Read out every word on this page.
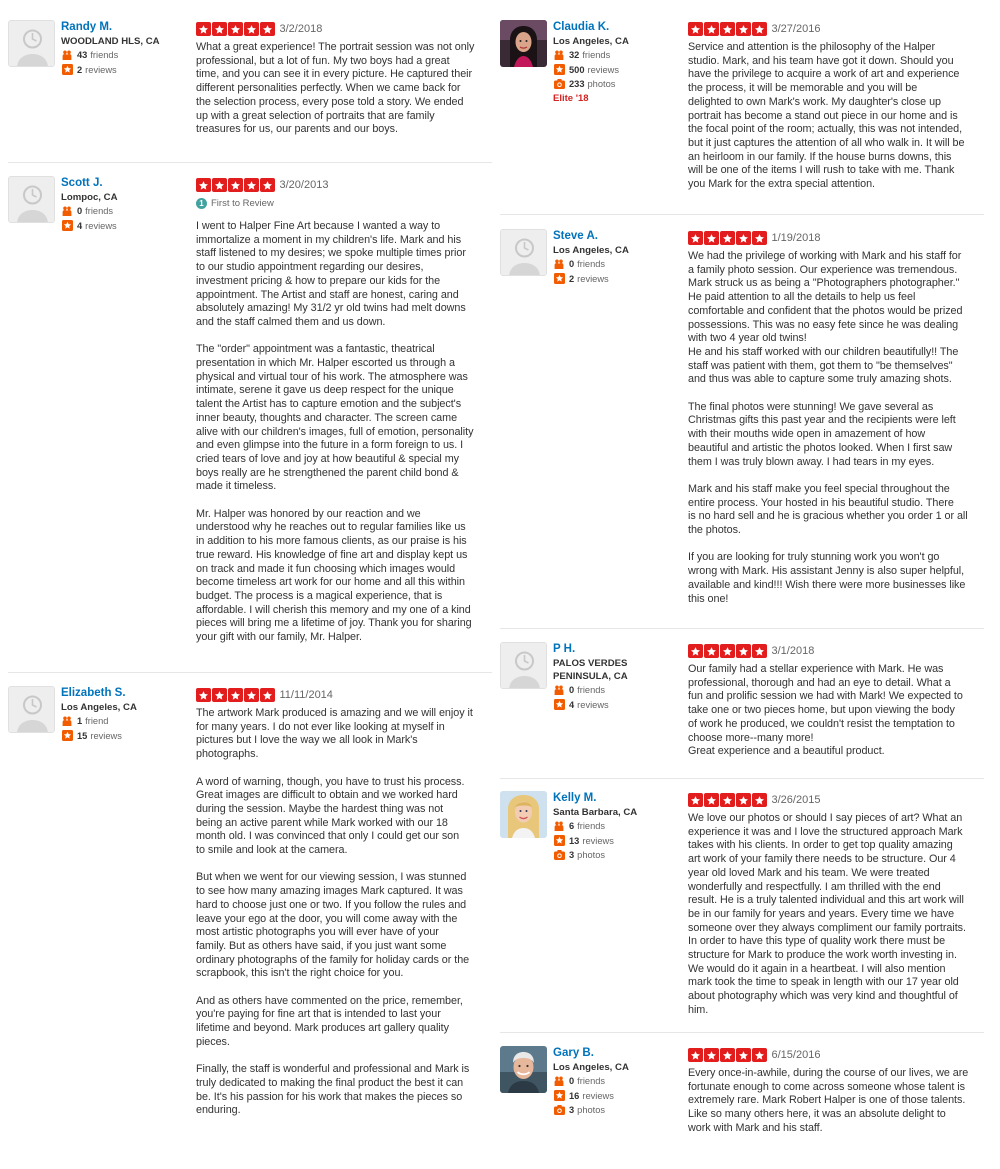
Randy M.
WOODLAND HLS, CA
43 friends
2 reviews
3/2/2018

What a great experience! The portrait session was not only
professional, but a lot of fun. My two boys had a great
time, and you can see it in every picture. He captured their
different personalities perfectly. When we came back for
the selection process, every pose told a story. We ended
up with a great selection of portraits that are family
treasures for us, our parents and our boys.

Scott J.
Lompoc, CA
0 friends
4 reviews
3/20/2013
1 First to Review

I went to Halper Fine Art because I wanted a way to
immortalize a moment in my children's life. Mark and his
staff listened to my desires; we spoke multiple times prior
to our studio appointment regarding our desires,
investment pricing & how to prepare our kids for the
appointment. The Artist and staff are honest, caring and
absolutely amazing! My 31/2 yr old twins had melt downs
and the staff calmed them and us down.

The "order" appointment was a fantastic, theatrical
presentation in which Mr. Halper escorted us through a
physical and virtual tour of his work. The atmosphere was
intimate, serene it gave us deep respect for the unique
talent the Artist has to capture emotion and the subject's
inner beauty, thoughts and character. The screen came
alive with our children's images, full of emotion, personality
and even glimpse into the future in a form foreign to us. I
cried tears of love and joy at how beautiful & special my
boys really are he strengthened the parent child bond &
made it timeless.

Mr. Halper was honored by our reaction and we
understood why he reaches out to regular families like us
in addition to his more famous clients, as our praise is his
true reward. His knowledge of fine art and display kept us
on track and made it fun choosing which images would
become timeless art work for our home and all this within
budget. The process is a magical experience, that is
affordable. I will cherish this memory and my one of a kind
pieces will bring me a lifetime of joy. Thank you for sharing
your gift with our family, Mr. Halper.

Elizabeth S.
Los Angeles, CA
1 friend
15 reviews
11/11/2014

The artwork Mark produced is amazing and we will enjoy it
for many years. I do not ever like looking at myself in
pictures but I love the way we all look in Mark's
photographs.

A word of warning, though, you have to trust his process.
Great images are difficult to obtain and we worked hard
during the session. Maybe the hardest thing was not
being an active parent while Mark worked with our 18
month old. I was convinced that only I could get our son
to smile and look at the camera.

But when we went for our viewing session, I was stunned
to see how many amazing images Mark captured. It was
hard to choose just one or two. If you follow the rules and
leave your ego at the door, you will come away with the
most artistic photographs you will ever have of your
family. But as others have said, if you just want some
ordinary photographs of the family for holiday cards or the
scrapbook, this isn't the right choice for you.

And as others have commented on the price, remember,
you're paying for fine art that is intended to last your
lifetime and beyond. Mark produces art gallery quality
pieces.

Finally, the staff is wonderful and professional and Mark is
truly dedicated to making the final product the best it can
be. It's his passion for his work that makes the pieces so
enduring.

Claudia K.
Los Angeles, CA
32 friends
500 reviews
233 photos
Elite '18
3/27/2016

Service and attention is the philosophy of the Halper
studio. Mark, and his team have got it down. Should you
have the privilege to acquire a work of art and experience
the process, it will be memorable and you will be
delighted to own Mark's work. My daughter's close up
portrait has become a stand out piece in our home and is
the focal point of the room; actually, this was not intended,
but it just captures the attention of all who walk in. It will be
an heirloom in our family. If the house burns downs, this
will be one of the items I will rush to take with me. Thank
you Mark for the extra special attention.

Steve A.
Los Angeles, CA
0 friends
2 reviews
1/19/2018

We had the privilege of working with Mark and his staff for
a family photo session. Our experience was tremendous.
Mark struck us as being a "Photographers photographer."
He paid attention to all the details to help us feel
comfortable and confident that the photos would be prized
possessions. This was no easy fete since he was dealing
with two 4 year old twins!
He and his staff worked with our children beautifully!! The
staff was patient with them, got them to "be themselves"
and thus was able to capture some truly amazing shots.

The final photos were stunning! We gave several as
Christmas gifts this past year and the recipients were left
with their mouths wide open in amazement of how
beautiful and artistic the photos looked. When I first saw
them I was truly blown away. I had tears in my eyes.

Mark and his staff make you feel special throughout the
entire process. Your hosted in his beautiful studio. There
is no hard sell and he is gracious whether you order 1 or all
the photos.

If you are looking for truly stunning work you won't go
wrong with Mark. His assistant Jenny is also super helpful,
available and kind!!! Wish there were more businesses like
this one!

P H.
PALOS VERDES PENINSULA, CA
0 friends
4 reviews
3/1/2018

Our family had a stellar experience with Mark. He was
professional, thorough and had an eye to detail. What a
fun and prolific session we had with Mark! We expected to
take one or two pieces home, but upon viewing the body
of work he produced, we couldn't resist the temptation to
choose more--many more!
Great experience and a beautiful product.

Kelly M.
Santa Barbara, CA
6 friends
13 reviews
3 photos
3/26/2015

We love our photos or should I say pieces of art? What an
experience it was and I love the structured approach Mark
takes with his clients. In order to get top quality amazing
art work of your family there needs to be structure. Our 4
year old loved Mark and his team. We were treated
wonderfully and respectfully. I am thrilled with the end
result. He is a truly talented individual and this art work will
be in our family for years and years. Every time we have
someone over they always compliment our family portraits.
In order to have this type of quality work there must be
structure for Mark to produce the work worth investing in.
We would do it again in a heartbeat. I will also mention
mark took the time to speak in length with our 17 year old
about photography which was very kind and thoughtful of
him.

Gary B.
Los Angeles, CA
0 friends
16 reviews
3 photos
6/15/2016

Every once-in-awhile, during the course of our lives, we are
fortunate enough to come across someone whose talent is
extremely rare. Mark Robert Halper is one of those talents.
Like so many others here, it was an absolute delight to
work with Mark and his staff.
